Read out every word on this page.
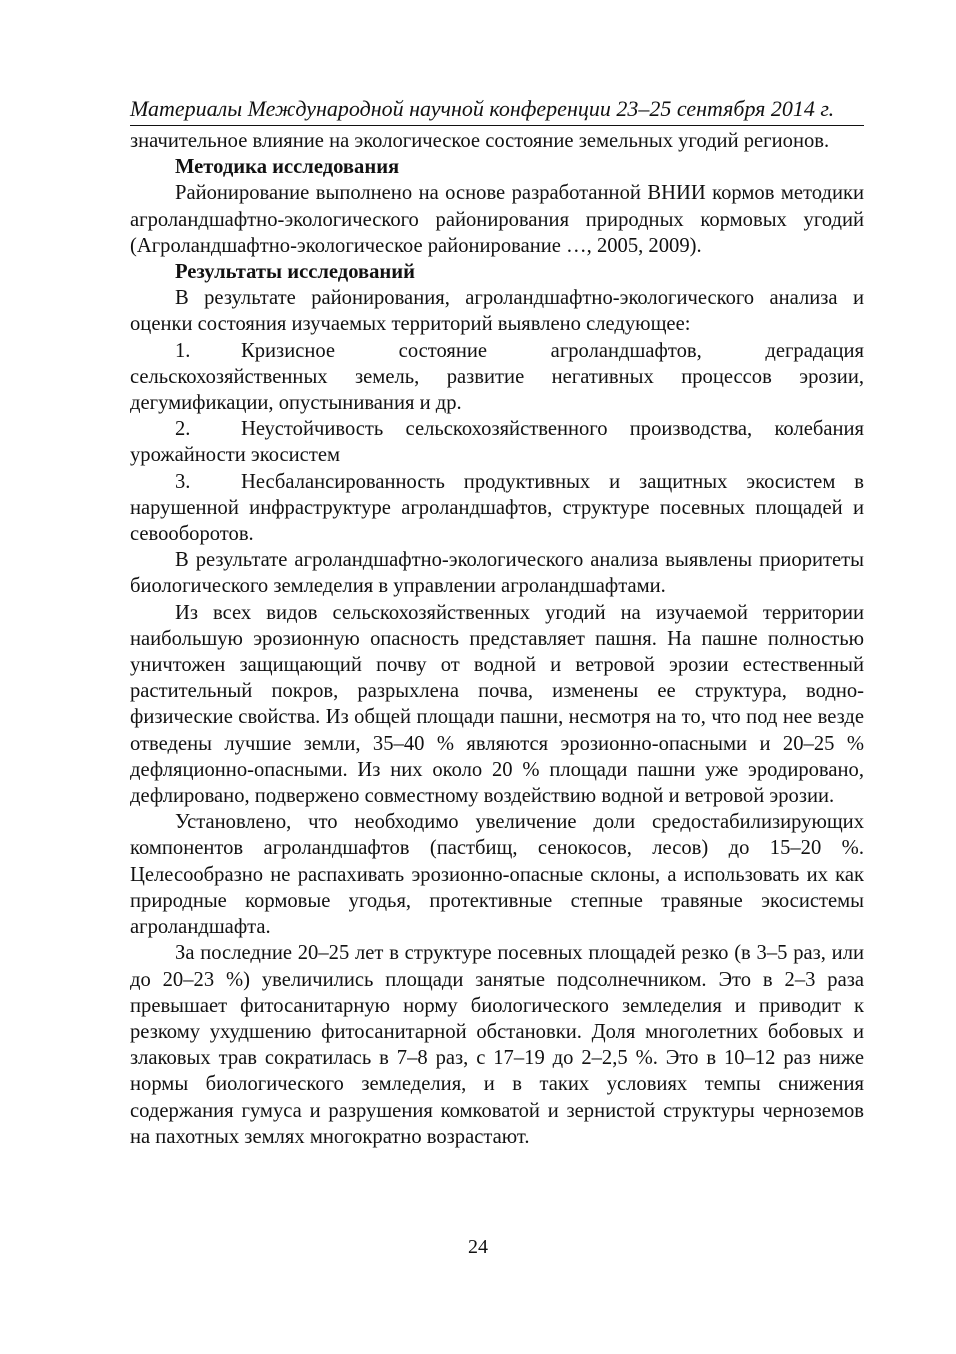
Материалы Международной научной конференции 23–25 сентября 2014 г.

значительное влияние на экологическое состояние земельных угодий регионов.

Методика исследования

Районирование выполнено на основе разработанной ВНИИ кормов методики агроландшафтно-экологического районирования природных кормовых угодий (Агроландшафтно-экологическое районирование …, 2005, 2009).

Результаты исследований

В результате районирования, агроландшафтно-экологического анализа и оценки состояния изучаемых территорий выявлено следующее:

1. Кризисное состояние агроландшафтов, деградация сельскохозяйственных земель, развитие негативных процессов эрозии, дегумификации, опустынивания и др.

2. Неустойчивость сельскохозяйственного производства, колебания урожайности экосистем

3. Несбалансированность продуктивных и защитных экосистем в нарушенной инфраструктуре агроландшафтов, структуре посевных площадей и севооборотов.

В результате агроландшафтно-экологического анализа выявлены приоритеты биологического земледелия в управлении агроландшафтами.

Из всех видов сельскохозяйственных угодий на изучаемой территории наибольшую эрозионную опасность представляет пашня. На пашне полностью уничтожен защищающий почву от водной и ветровой эрозии естественный растительный покров, разрыхлена почва, изменены ее структура, водно-физические свойства. Из общей площади пашни, несмотря на то, что под нее везде отведены лучшие земли, 35–40 % являются эрозионно-опасными и 20–25 % дефляционно-опасными. Из них около 20 % площади пашни уже эродировано, дефлировано, подвержено совместному воздействию водной и ветровой эрозии.

Установлено, что необходимо увеличение доли средостабилизирующих компонентов агроландшафтов (пастбищ, сенокосов, лесов) до 15–20 %. Целесообразно не распахивать эрозионно-опасные склоны, а использовать их как природные кормовые угодья, протективные степные травяные экосистемы агроландшафта.

За последние 20–25 лет в структуре посевных площадей резко (в 3–5 раз, или до 20–23 %) увеличились площади занятые подсолнечником. Это в 2–3 раза превышает фитосанитарную норму биологического земледелия и приводит к резкому ухудшению фитосанитарной обстановки. Доля многолетних бобовых и злаковых трав сократилась в 7–8 раз, с 17–19 до 2–2,5 %. Это в 10–12 раз ниже нормы биологического земледелия, и в таких условиях темпы снижения содержания гумуса и разрушения комковатой и зернистой структуры черноземов на пахотных землях многократно возрастают.

24
